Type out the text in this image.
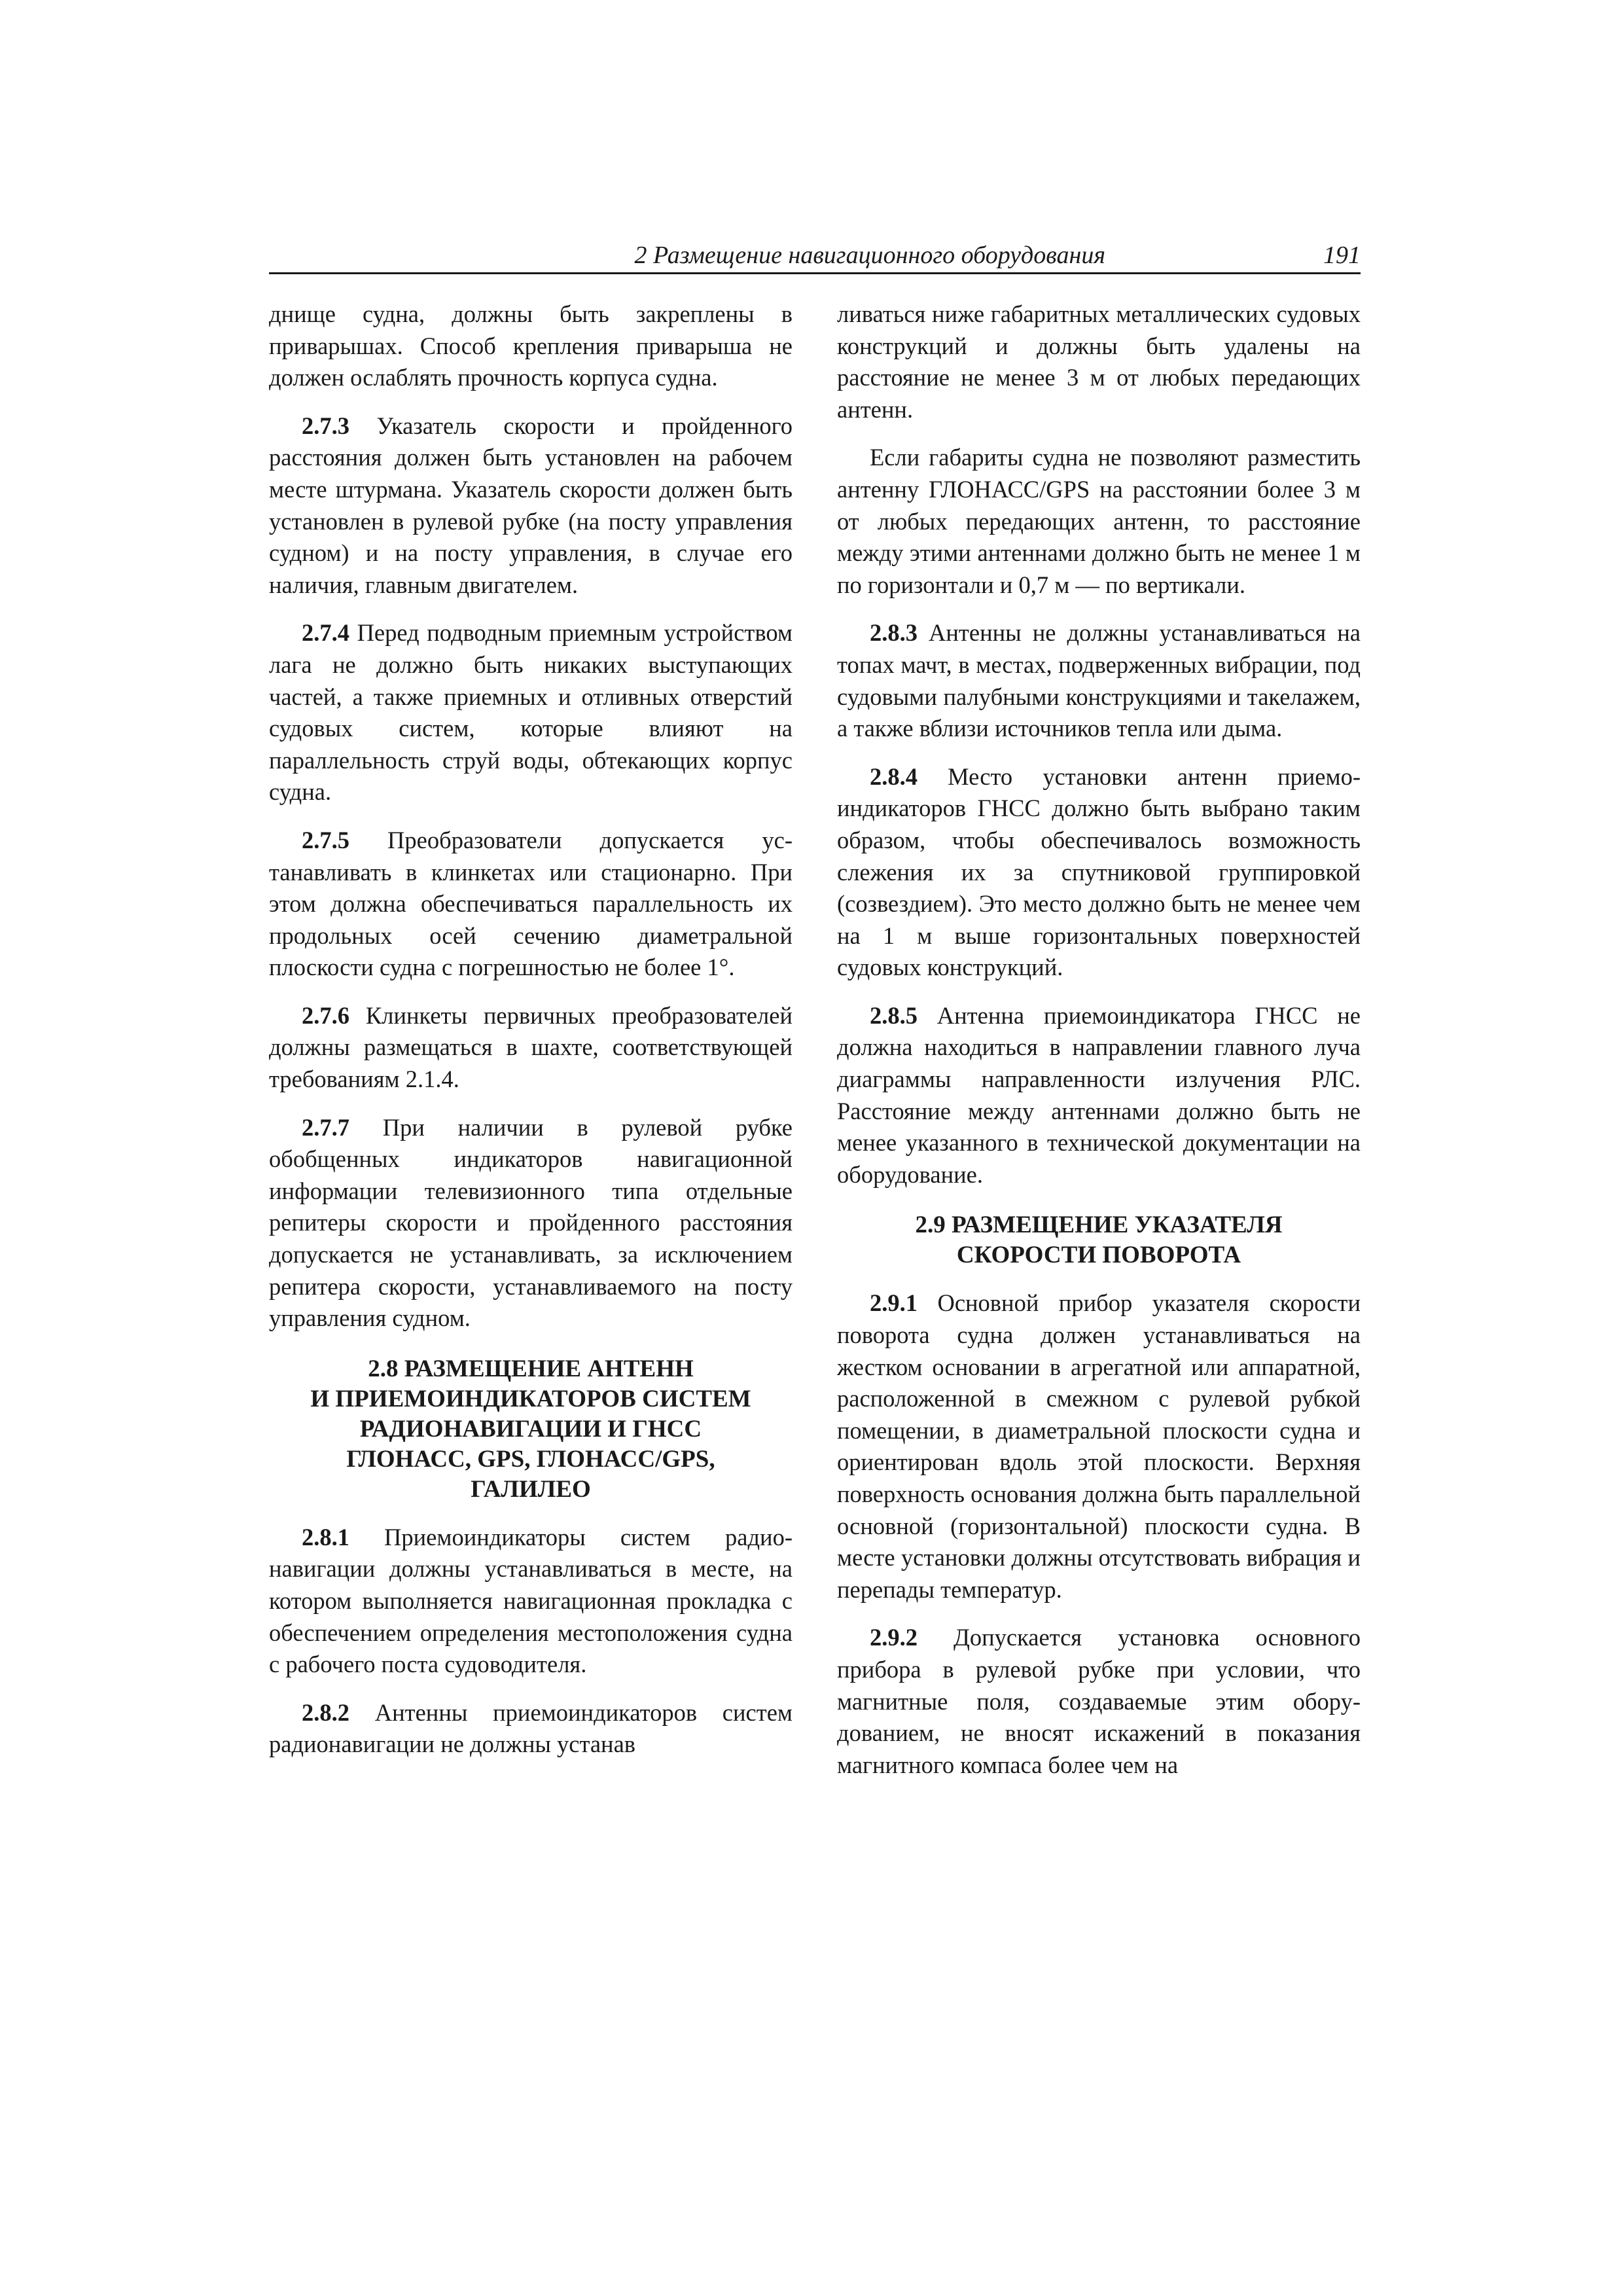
2 Размещение навигационного оборудования	191

днище судна, должны быть закреплены в приварышах. Способ крепления приварыша не должен ослаблять прочность корпуса судна.

2.7.3 Указатель скорости и пройденного расстояния должен быть установлен на рабочем месте штурмана. Указатель скорости должен быть установлен в рулевой рубке (на посту управления судном) и на посту управления, в случае его наличия, главным двигателем.

2.7.4 Перед подводным приемным устройством лага не должно быть никаких выступающих частей, а также приемных и отливных отверстий судовых систем, которые влияют на параллельность струй воды, обтекающих корпус судна.

2.7.5 Преобразователи допускается устанавливать в клинкетах или стационарно. При этом должна обеспечиваться параллельность их продольных осей сечению диаметральной плоскости судна с погрешностью не более 1°.

2.7.6 Клинкеты первичных преобразователей должны размещаться в шахте, соответствующей требованиям 2.1.4.

2.7.7 При наличии в рулевой рубке обобщенных индикаторов навигационной информации телевизионного типа отдельные репитеры скорости и пройденного расстояния допускается не устанавливать, за исключением репитера скорости, устанавливаемого на посту управления судном.

2.8 РАЗМЕЩЕНИЕ АНТЕНН
И ПРИЕМОИНДИКАТОРОВ СИСТЕМ
РАДИОНАВИГАЦИИ И ГНСС
ГЛОНАСС, GPS, ГЛОНАСС/GPS,
ГАЛИЛЕО

2.8.1 Приемоиндикаторы систем радионавигации должны устанавливаться в месте, на котором выполняется навигационная прокладка с обеспечением определения местоположения судна с рабочего поста судоводителя.

2.8.2 Антенны приемоиндикаторов систем радионавигации не должны устанав

ливаться ниже габаритных металлических судовых конструкций и должны быть удалены на расстояние не менее 3 м от любых передающих антенн.

Если габариты судна не позволяют разместить антенну ГЛОНАСС/GPS на расстоянии более 3 м от любых передающих антенн, то расстояние между этими антеннами должно быть не менее 1 м по горизонтали и 0,7 м — по вертикали.

2.8.3 Антенны не должны устанавливаться на топах мачт, в местах, подверженных вибрации, под судовыми палубными конструкциями и такелажем, а также вблизи источников тепла или дыма.

2.8.4 Место установки антенн приемоиндикаторов ГНСС должно быть выбрано таким образом, чтобы обеспечивалось возможность слежения их за спутниковой группировкой (созвездием). Это место должно быть не менее чем на 1 м выше горизонтальных поверхностей судовых конструкций.

2.8.5 Антенна приемоиндикатора ГНСС не должна находиться в направлении главного луча диаграммы направленности излучения РЛС. Расстояние между антеннами должно быть не менее указанного в технической документации на оборудование.

2.9 РАЗМЕЩЕНИЕ УКАЗАТЕЛЯ
СКОРОСТИ ПОВОРОТА

2.9.1 Основной прибор указателя скорости поворота судна должен устанавливаться на жестком основании в агрегатной или аппаратной, расположенной в смежном с рулевой рубкой помещении, в диаметральной плоскости судна и ориентирован вдоль этой плоскости. Верхняя поверхность основания должна быть параллельной основной (горизонтальной) плоскости судна. В месте установки должны отсутствовать вибрация и перепады температур.

2.9.2 Допускается установка основного прибора в рулевой рубке при условии, что магнитные поля, создаваемые этим оборудованием, не вносят искажений в показания магнитного компаса более чем на
